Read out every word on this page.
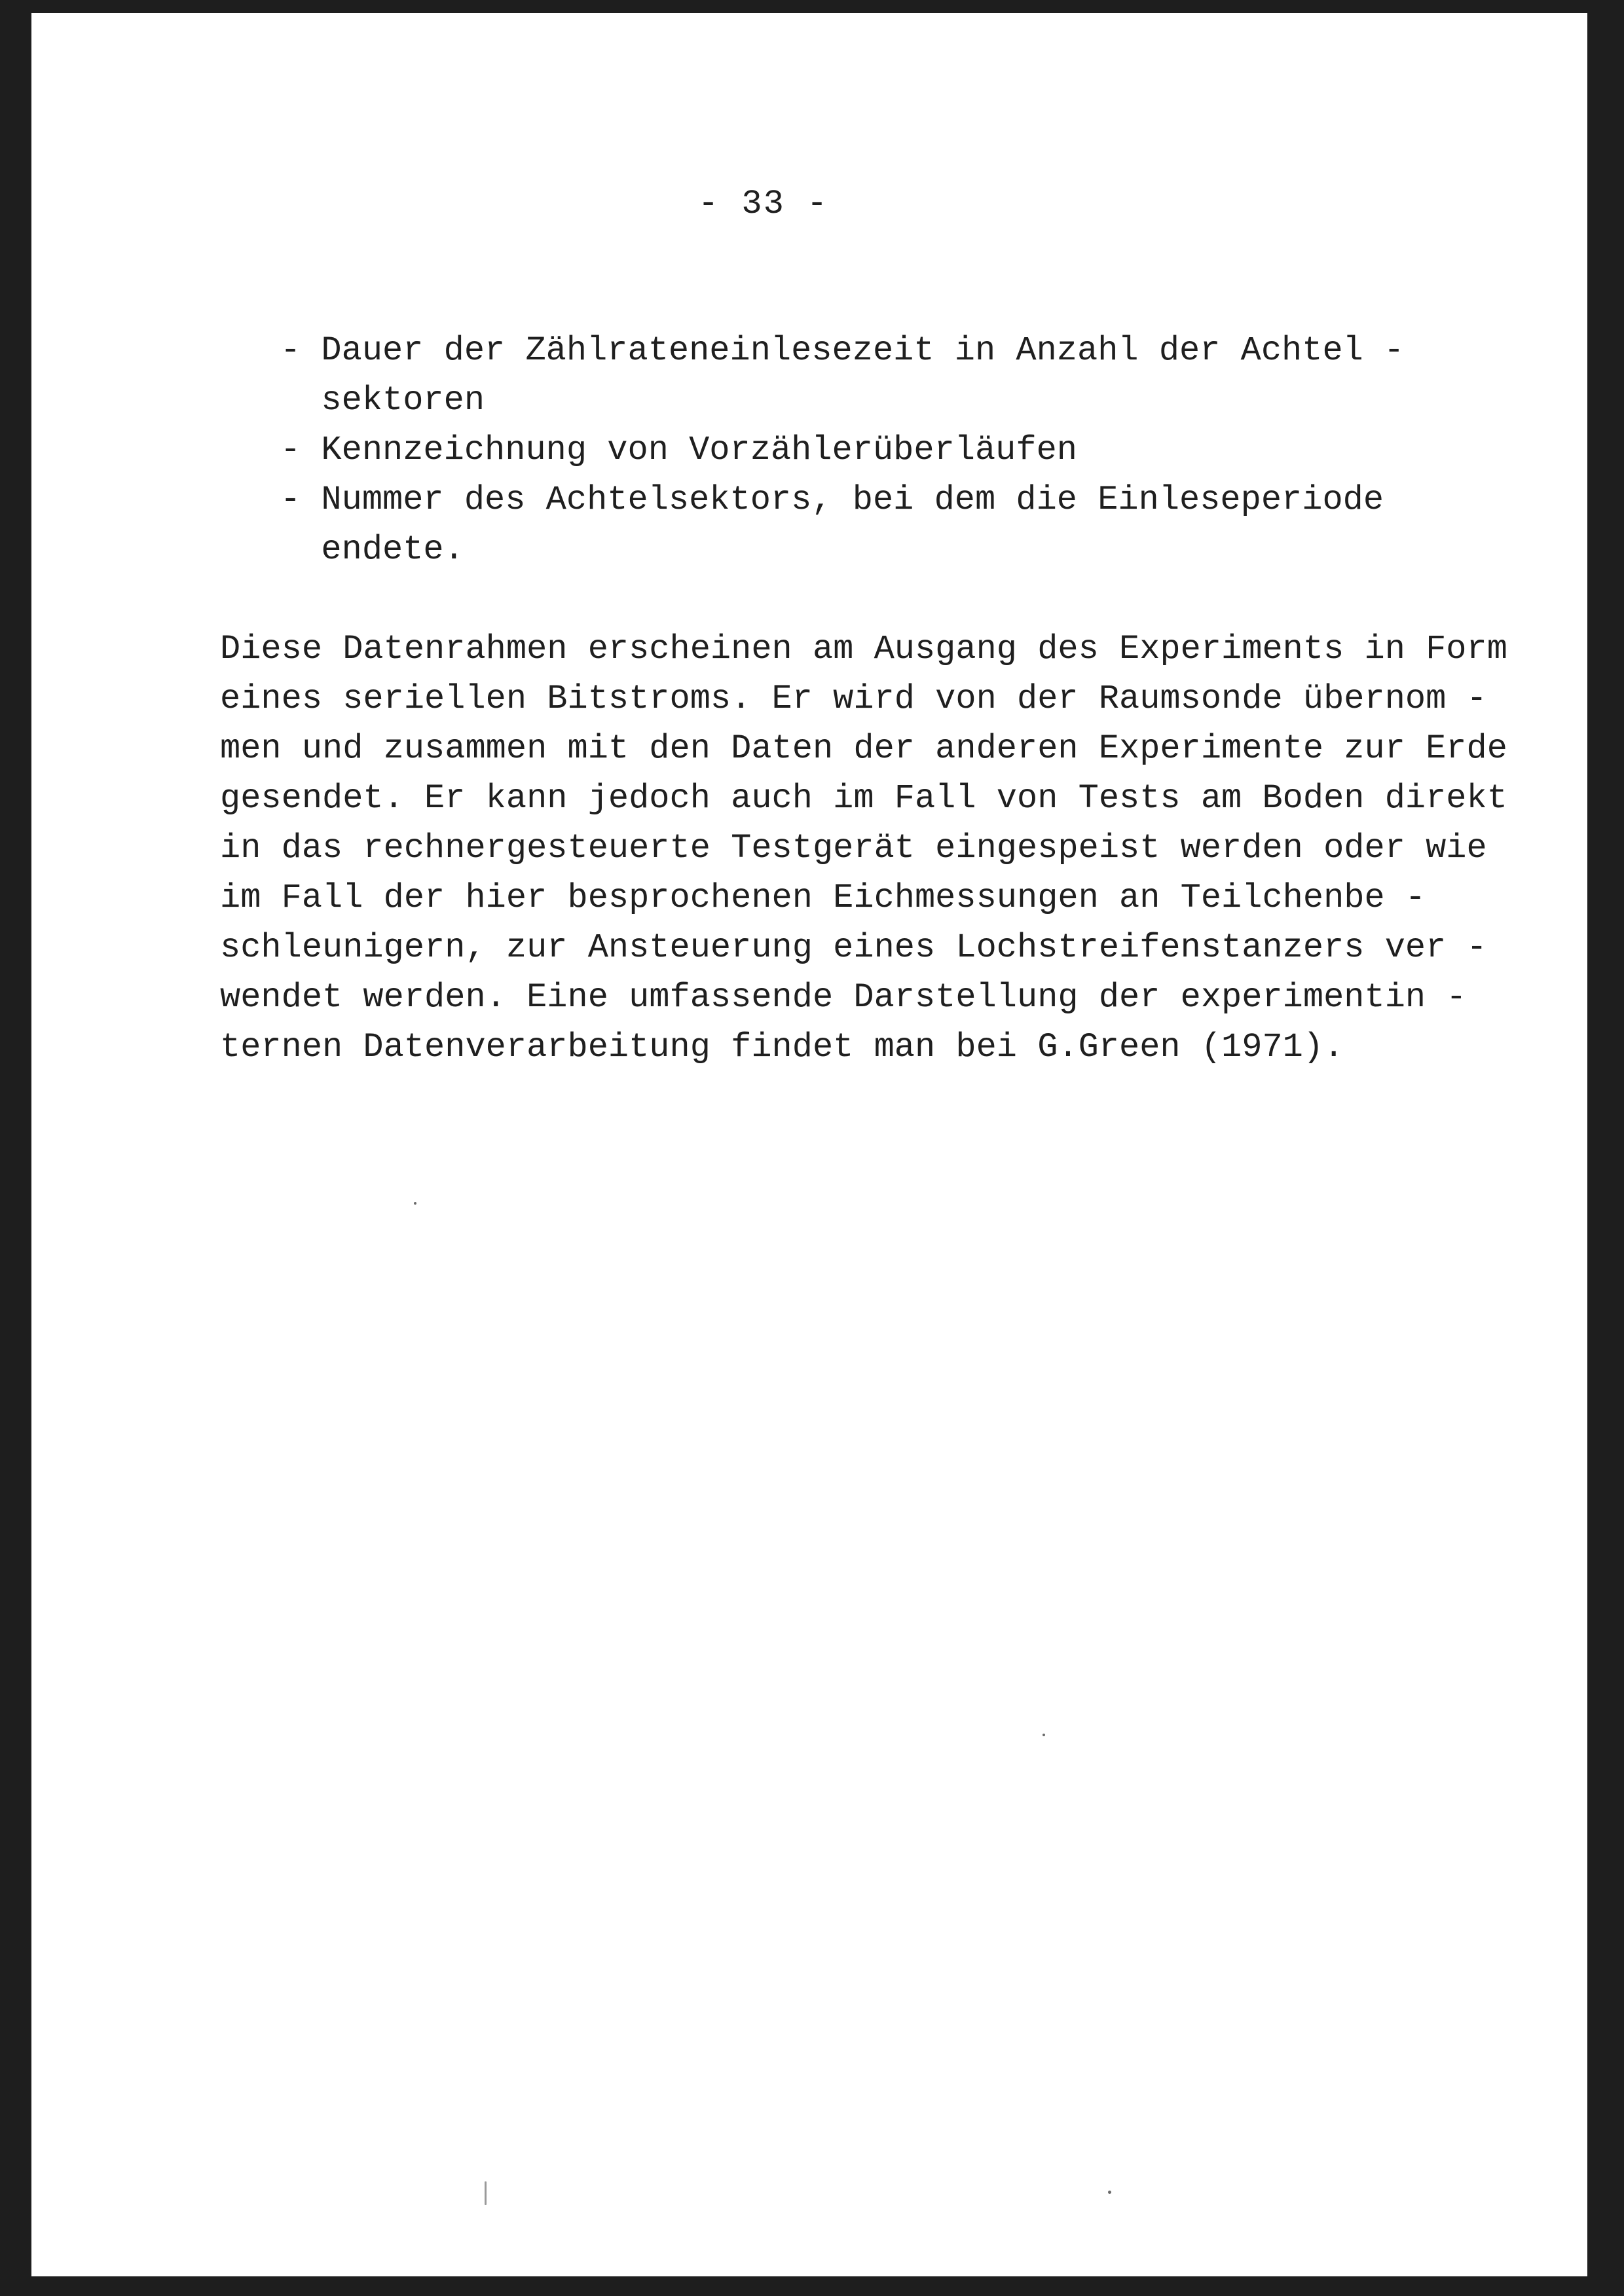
- 33 -
- Dauer der Zählrateneinlesezeit in Anzahl der Achtel -
sektoren
- Kennzeichnung von Vorzählerüberläufen
- Nummer des Achtelsektors, bei dem die Einleseperiode
endete.
Diese Datenrahmen erscheinen am Ausgang des Experiments in Form
eines seriellen Bitstroms. Er wird von der Raumsonde übernom -
men und zusammen mit den Daten der anderen Experimente zur Erde
gesendet. Er kann jedoch auch im Fall von Tests am Boden direkt
in das rechnergesteuerte Testgerät eingespeist werden oder wie
im Fall der hier besprochenen Eichmessungen an Teilchenbe -
schleunigern, zur Ansteuerung eines Lochstreifenstanzers ver -
wendet werden. Eine umfassende Darstellung der experimentin -
ternen Datenverarbeitung findet man bei G.Green (1971).
